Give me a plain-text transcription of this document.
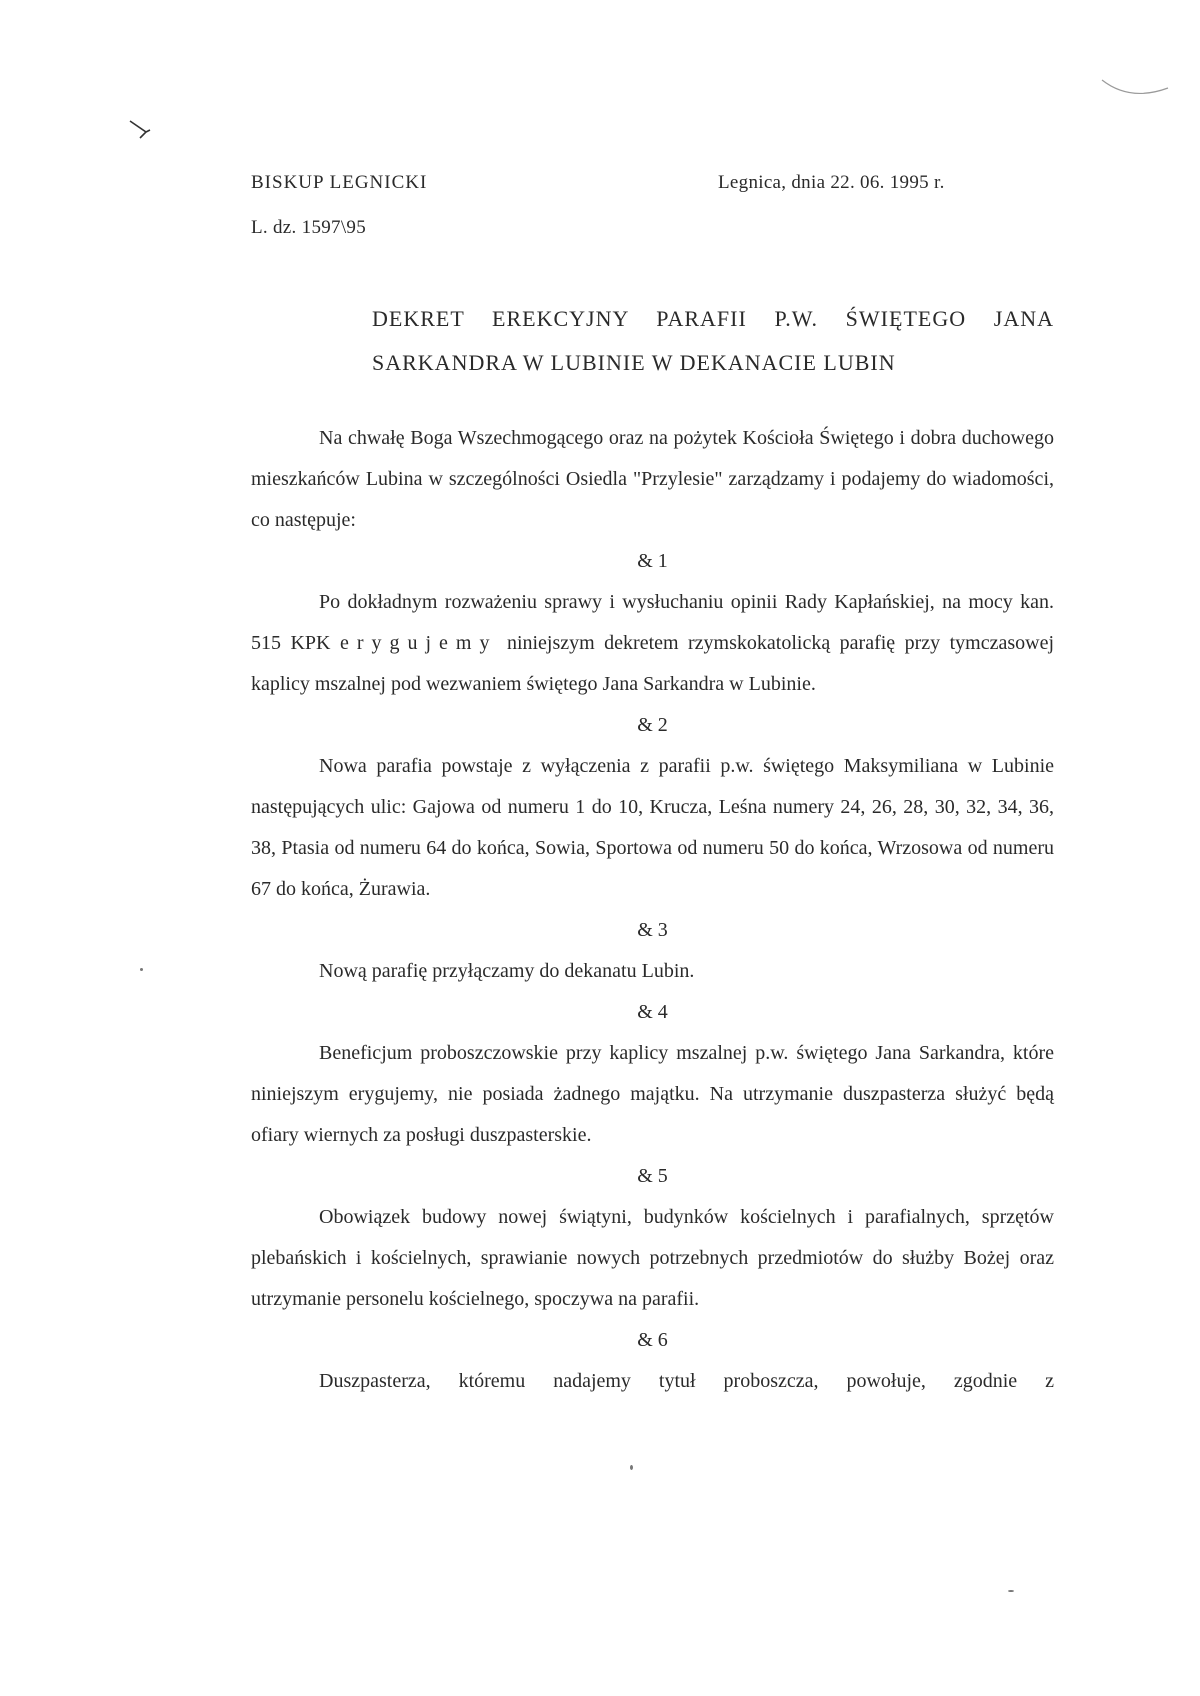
BISKUP LEGNICKI	Legnica, dnia 22. 06. 1995 r.
L. dz. 1597\95
DEKRET EREKCYJNY PARAFII P.W. ŚWIĘTEGO JANA SARKANDRA W LUBINIE W DEKANACIE LUBIN

Na chwałę Boga Wszechmogącego oraz na pożytek Kościoła Świętego i dobra duchowego mieszkańców Lubina w szczególności Osiedla "Przylesie" zarządzamy i podajemy do wiadomości, co następuje:

& 1

Po dokładnym rozważeniu sprawy i wysłuchaniu opinii Rady Kapłańskiej, na mocy kan. 515 KPK erygujemy niniejszym dekretem rzymskokatolicką parafię przy tymczasowej kaplicy mszalnej pod wezwaniem świętego Jana Sarkandra w Lubinie.

& 2

Nowa parafia powstaje z wyłączenia z parafii p.w. świętego Maksymiliana w Lubinie następujących ulic: Gajowa od numeru 1 do 10, Krucza, Leśna numery 24, 26, 28, 30, 32, 34, 36, 38, Ptasia od numeru 64 do końca, Sowia, Sportowa od numeru 50 do końca, Wrzosowa od numeru 67 do końca, Żurawia.

& 3

Nową parafię przyłączamy do dekanatu Lubin.

& 4

Beneficjum proboszczowskie przy kaplicy mszalnej p.w. świętego Jana Sarkandra, które niniejszym erygujemy, nie posiada żadnego majątku. Na utrzymanie duszpasterza służyć będą ofiary wiernych za posługi duszpasterskie.

& 5

Obowiązek budowy nowej świątyni, budynków kościelnych i parafialnych, sprzętów plebańskich i kościelnych, sprawianie nowych potrzebnych przedmiotów do służby Bożej oraz utrzymanie personelu kościelnego, spoczywa na parafii.

& 6

Duszpasterza, któremu nadajemy tytuł proboszcza, powołuje, zgodnie z
